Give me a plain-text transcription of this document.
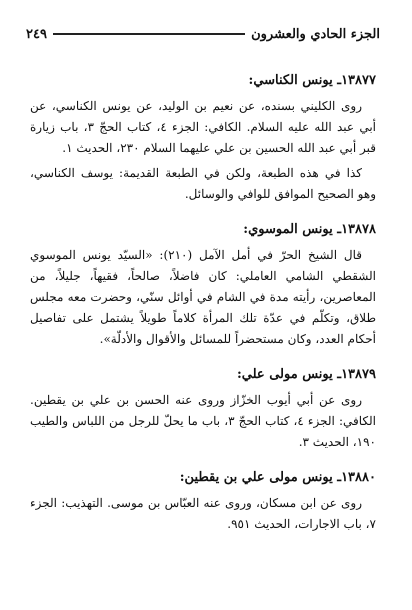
الجزء الحادي والعشرون
٢٤٩
١٣٨٧٧ـ يونس الكناسي:

روى الكليني بسنده، عن نعيم بن الوليد، عن يونس الكناسي، عن أبي عبد الله عليه السلام. الكافي: الجزء ٤، كتاب الحجّ ٣، باب زيارة قبر أبي عبد الله الحسين بن علي عليهما السلام ٢٣٠، الحديث ١.

كذا في هذه الطبعة، ولكن في الطبعة القديمة: يوسف الكناسي، وهو الصحيح الموافق للوافي والوسائل.

١٣٨٧٨ـ يونس الموسوي:

قال الشيخ الحرّ في أمل الآمل (٢١٠): «السيّد يونس الموسوي الشقطي الشامي العاملي: كان فاضلاً، صالحاً، فقيهاً، جليلاً، من المعاصرين، رأيته مدة في الشام في أوائل سنّي، وحضرت معه مجلس طلاق، وتكلّم في عدّة تلك المرأة كلاماً طويلاً يشتمل على تفاصيل أحكام العدد، وكان مستحضراً للمسائل والأقوال والأدلّة».

١٣٨٧٩ـ يونس مولى علي:

روى عن أبي أيوب الخزّاز وروى عنه الحسن بن علي بن يقطين. الكافي: الجزء ٤، كتاب الحجّ ٣، باب ما يحلّ للرجل من اللباس والطيب ١٩٠، الحديث ٣.

١٣٨٨٠ـ يونس مولى علي بن يقطين:

روى عن ابن مسكان، وروى عنه العبّاس بن موسى. التهذيب: الجزء ٧، باب الاجارات، الحديث ٩٥١.
